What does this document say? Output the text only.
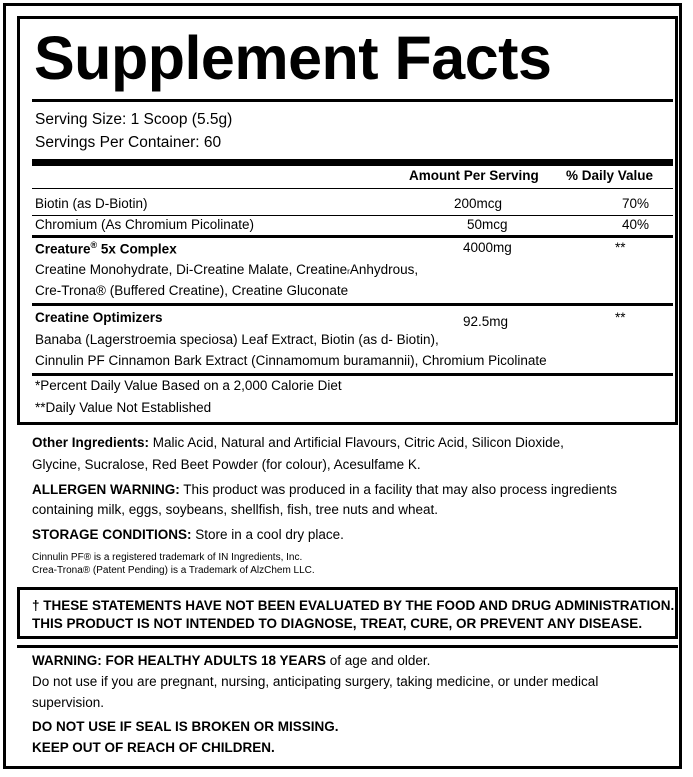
Supplement Facts
Serving Size: 1 Scoop (5.5g)
Servings Per Container: 60
Amount Per Serving % Daily Value
Biotin (as D-Biotin)	200mcg	70%
Chromium (As Chromium Picolinate)	50mcg	40%
Creature® 5x Complex	4000mg	**
Creatine Monohydrate, Di-Creatine Malate, CreatinerAnhydrous,
Cre-Trona® (Buffered Creatine), Creatine Gluconate
Creatine Optimizers	92.5mg	**
Banaba (Lagerstroemia speciosa) Leaf Extract, Biotin (as d- Biotin),
Cinnulin PF Cinnamon Bark Extract (Cinnamomum buramannii), Chromium Picolinate
*Percent Daily Value Based on a 2,000 Calorie Diet
**Daily Value Not Established
Other Ingredients: Malic Acid, Natural and Artificial Flavours, Citric Acid, Silicon Dioxide,
Glycine, Sucralose, Red Beet Powder (for colour), Acesulfame K.
ALLERGEN WARNING: This product was produced in a facility that may also process ingredients
containing milk, eggs, soybeans, shellfish, fish, tree nuts and wheat.
STORAGE CONDITIONS: Store in a cool dry place.
Cinnulin PF® is a registered trademark of IN Ingredients, Inc.
Crea-Trona® (Patent Pending) is a Trademark of AlzChem LLC.
† THESE STATEMENTS HAVE NOT BEEN EVALUATED BY THE FOOD AND DRUG ADMINISTRATION.
THIS PRODUCT IS NOT INTENDED TO DIAGNOSE, TREAT, CURE, OR PREVENT ANY DISEASE.
WARNING: FOR HEALTHY ADULTS 18 YEARS of age and older.
Do not use if you are pregnant, nursing, anticipating surgery, taking medicine, or under medical
supervision.
DO NOT USE IF SEAL IS BROKEN OR MISSING.
KEEP OUT OF REACH OF CHILDREN.
